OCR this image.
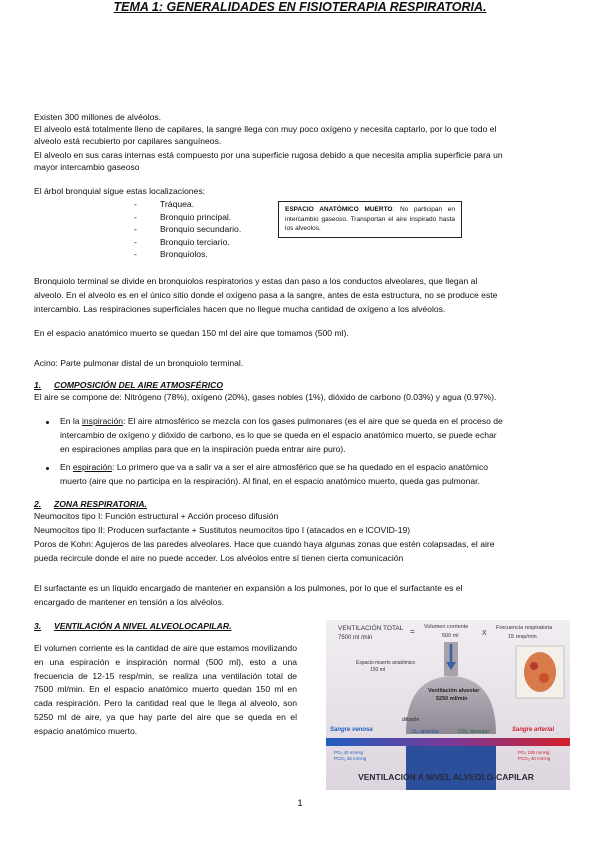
TEMA 1: GENERALIDADES EN FISIOTERAPIA RESPIRATORIA.
Existen 300 millones de alvéolos.
El alveolo está totalmente lleno de capilares, la sangre llega con muy poco oxígeno y necesita captarlo, por lo que todo el
alveolo está recubierto por capilares sanguíneos.
El alveolo en sus caras internas está compuesto por una superficie rugosa debido a que necesita amplia superficie para un
mayor intercambio gaseoso
El árbol bronquial sigue estas localizaciones:
- Tráquea.
- Bronquio principal.
- Bronquio secundario.
- Bronquio terciario.
- Bronquiolos.
ESPACIO ANATÓMICO MUERTO: No participan en intercambio gaseoso. Transportan el aire inspirado hasta los alveolos.
Bronquiolo terminal se divide en bronquiolos respiratorios y estas dan paso a los conductos alveolares, que llegan al
alveolo. En el alveolo es en el único sitio donde el oxígeno pasa a la sangre, antes de esta estructura, no se produce este
intercambio. Las respiraciones superficiales hacen que no llegue mucha cantidad de oxígeno a los alvéolos.
En el espacio anatómico muerto se quedan 150 ml del aire que tomamos (500 ml).
Acino: Parte pulmonar distal de un bronquiolo terminal.
1. COMPOSICIÓN DEL AIRE ATMOSFÉRICO
El aire se compone de: Nitrógeno (78%), oxígeno (20%), gases nobles (1%), dióxido de carbono (0.03%) y agua (0.97%).
En la inspiración: El aire atmosférico se mezcla con los gases pulmonares (es el aire que se queda en el proceso de
intercambio de oxígeno y dióxido de carbono, es lo que se queda en el espacio anatómico muerto, se puede echar
en espiraciones amplias para que en la inspiración pueda entrar aire puro).
En espiración: Lo primero que va a salir va a ser el aire atmosférico que se ha quedado en el espacio anatómico
muerto (aire que no participa en la respiración). Al final, en el espacio anatómico muerto, queda gas pulmonar.
2. ZONA RESPIRATORIA.
Neumocitos tipo I: Función estructural + Acción proceso difusión
Neumocitos tipo II: Producen surfactante + Sustitutos neumocitos tipo I (atacados en e lCOVID-19)
Poros de Kohn: Agujeros de las paredes alveolares. Hace que cuando haya algunas zonas que estén colapsadas, el aire
pueda recircule donde el aire no puede acceder. Los alvéolos entre sí tienen cierta comunicación
El surfactante es un líquido encargado de mantener en expansión a los pulmones, por lo que el surfactante es el
encargado de mantener en tensión a los alvéolos.
3. VENTILACIÓN A NIVEL ALVEOLOCAPILAR.
El volumen corriente es la cantidad de aire que estamos movilizando en una espiración e inspiración normal (500 ml), esto a una frecuencia de 12-15 resp/min, se realiza una ventilación total de 7500 ml/min. En el espacio anatómico muerto quedan 150 ml en cada respiración. Pero la cantidad real que le llega al alveolo, son 5250 ml de aire, ya que hay parte del aire que se queda en el espacio anatómico muerto.
VENTILACIÓN TOTAL
7500 ml /min
= Volumen corriente
500 ml	X
Frecuencia respiratoria
15 resp/min
Espacio muerto anatómico
150 ml
Ventilación alveolar
5250 ml/min
difusión
O₂ alveolar	CO₂ alveolar
Sangre venosa
PO₂ 40 mmHg
PCO₂ 46 mmHg
Sangre arterial
PO₂ 100 mmHg
PCO₂ 40 mmHg
VENTILACIÓN A NIVEL ALVEOLO-CAPILAR
1
